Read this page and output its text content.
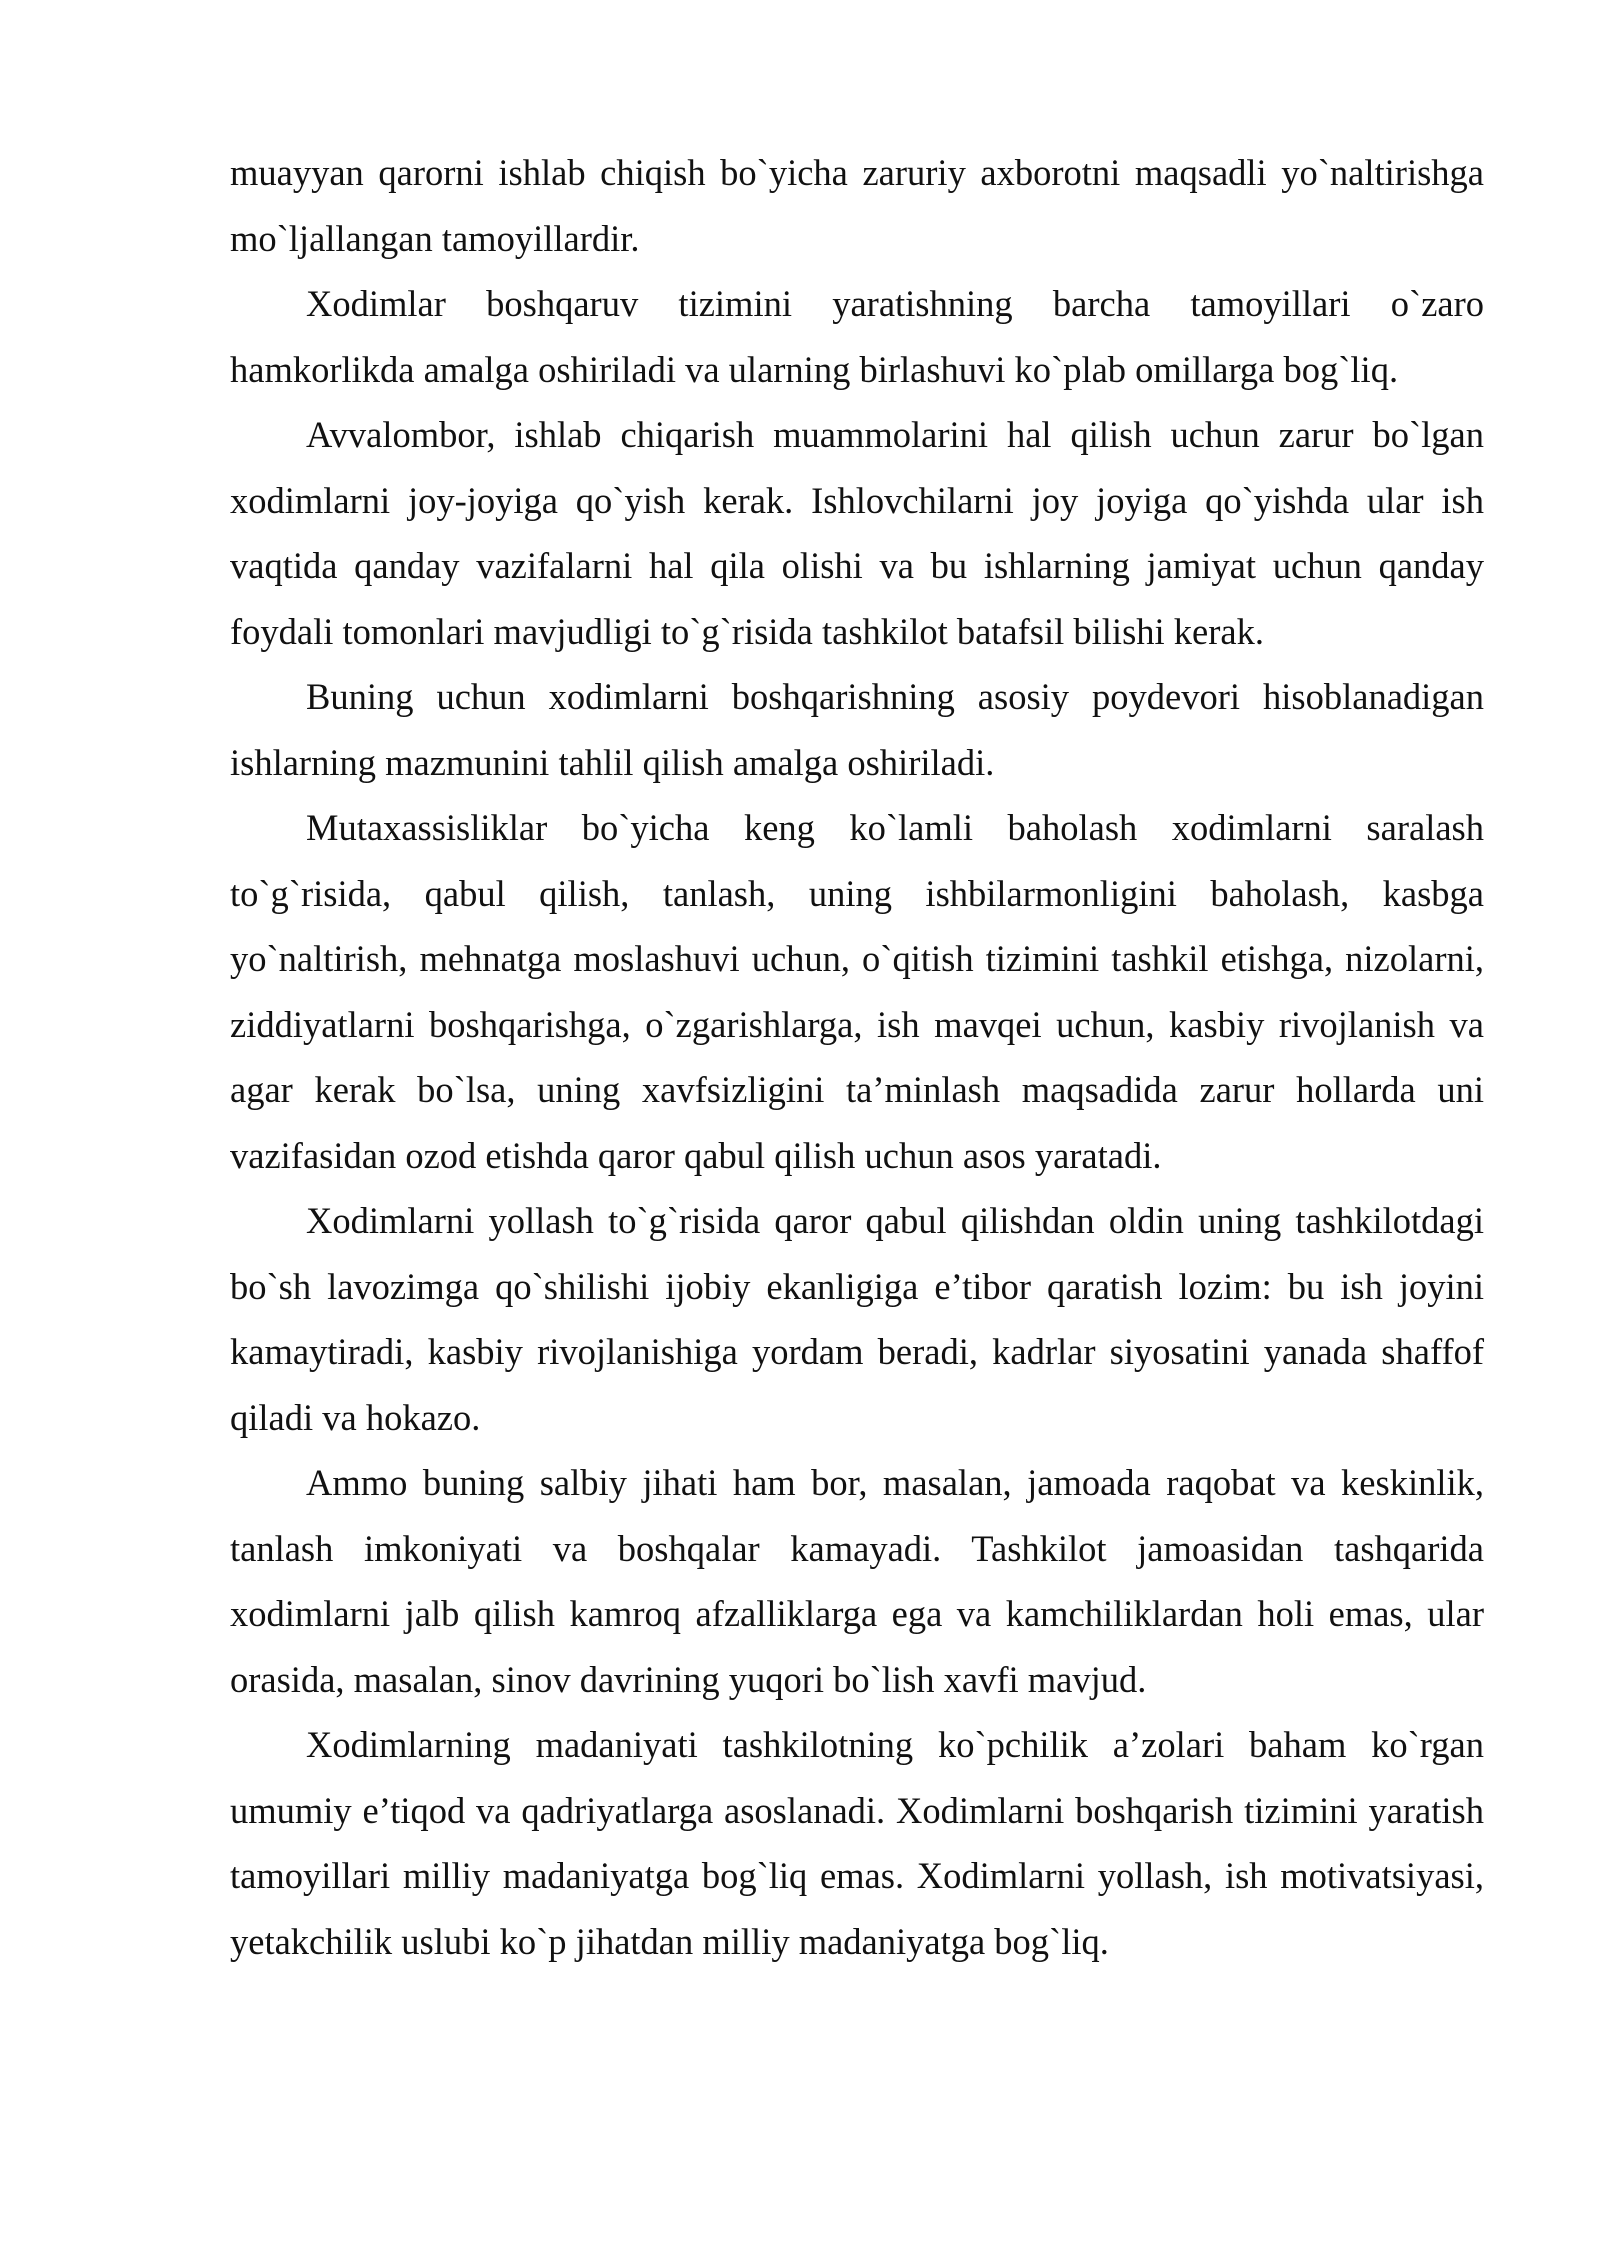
muayyan qarorni ishlab chiqish bo`yicha zaruriy axborotni maqsadli yo`naltirishga mo`ljallangan tamoyillardir.

Xodimlar boshqaruv tizimini yaratishning barcha tamoyillari o`zaro hamkorlikda amalga oshiriladi va ularning birlashuvi ko`plab omillarga bog`liq.

Avvalombor, ishlab chiqarish muammolarini hal qilish uchun zarur bo`lgan xodimlarni joy-joyiga qo`yish kerak. Ishlovchilarni joy joyiga qo`yishda ular ish vaqtida qanday vazifalarni hal qila olishi va bu ishlarning jamiyat uchun qanday foydali tomonlari mavjudligi to`g`risida tashkilot batafsil bilishi kerak.

Buning uchun xodimlarni boshqarishning asosiy poydevori hisoblanadigan ishlarning mazmunini tahlil qilish amalga oshiriladi.

Mutaxassisliklar bo`yicha keng ko`lamli baholash xodimlarni saralash to`g`risida, qabul qilish, tanlash, uning ishbilarmonligini baholash, kasbga yo`naltirish, mehnatga moslashuvi uchun, o`qitish tizimini tashkil etishga, nizolarni, ziddiyatlarni boshqarishga, o`zgarishlarga, ish mavqei uchun, kasbiy rivojlanish va agar kerak bo`lsa, uning xavfsizligini ta’minlash maqsadida zarur hollarda uni vazifasidan ozod etishda qaror qabul qilish uchun asos yaratadi.

Xodimlarni yollash to`g`risida qaror qabul qilishdan oldin uning tashkilotdagi bo`sh lavozimga qo`shilishi ijobiy ekanligiga e’tibor qaratish lozim: bu ish joyini kamaytiradi, kasbiy rivojlanishiga yordam beradi, kadrlar siyosatini yanada shaffof qiladi va hokazo.

Ammo buning salbiy jihati ham bor, masalan, jamoada raqobat va keskinlik, tanlash imkoniyati va boshqalar kamayadi. Tashkilot jamoasidan tashqarida xodimlarni jalb qilish kamroq afzalliklarga ega va kamchiliklardan holi emas, ular orasida, masalan, sinov davrining yuqori bo`lish xavfi mavjud.

Xodimlarning madaniyati tashkilotning ko`pchilik a’zolari baham ko`rgan umumiy e’tiqod va qadriyatlarga asoslanadi. Xodimlarni boshqarish tizimini yaratish tamoyillari milliy madaniyatga bog`liq emas. Xodimlarni yollash, ish motivatsiyasi, yetakchilik uslubi ko`p jihatdan milliy madaniyatga bog`liq.
